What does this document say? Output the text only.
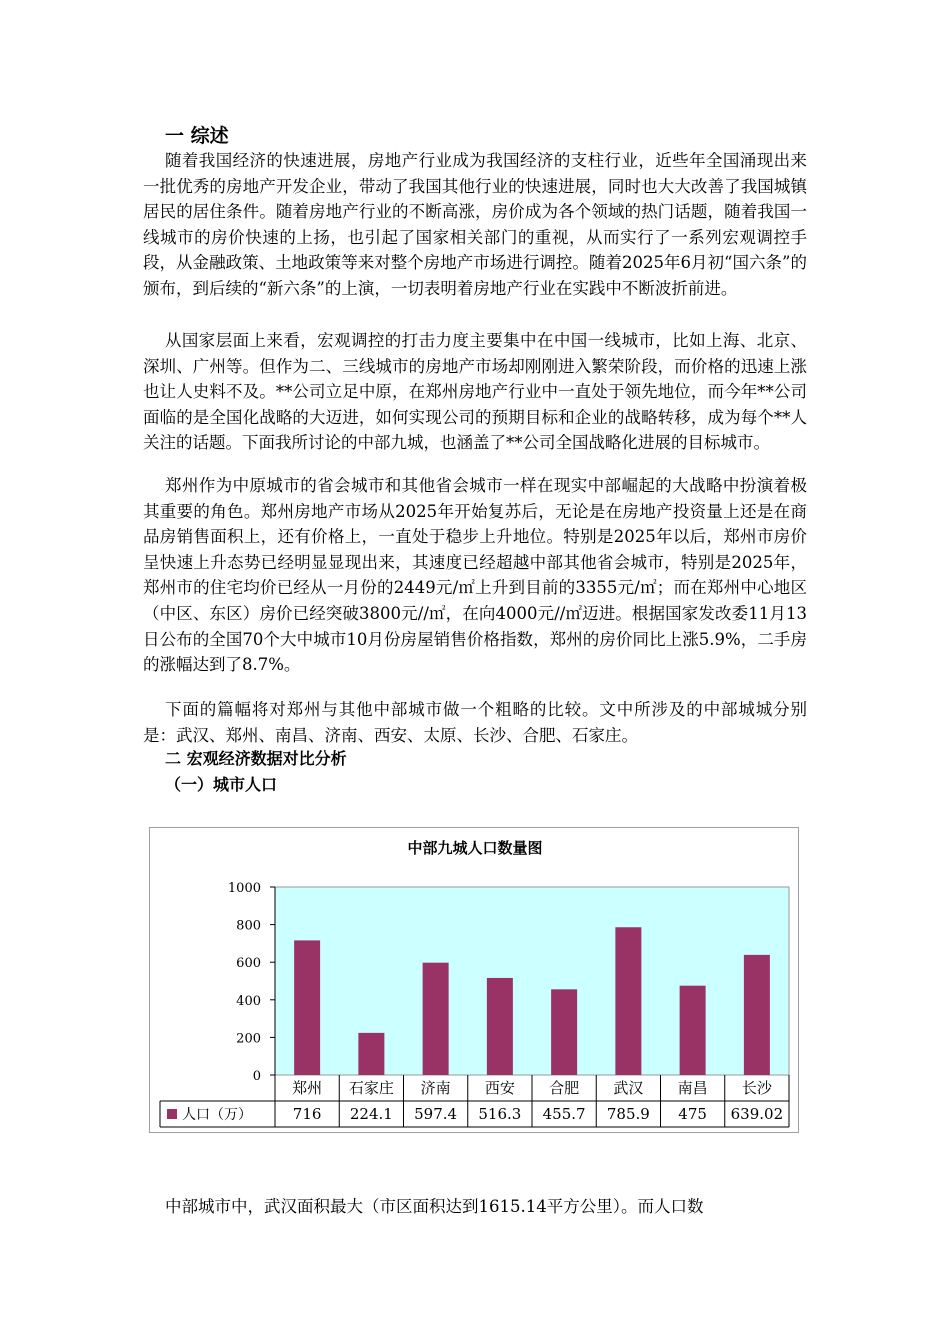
一 综述

随着我国经济的快速进展，房地产行业成为我国经济的支柱行业，近些年全国涌现出来一批优秀的房地产开发企业，带动了我国其他行业的快速进展，同时也大大改善了我国城镇居民的居住条件。随着房地产行业的不断高涨，房价成为各个领域的热门话题，随着我国一线城市的房价快速的上扬，也引起了国家相关部门的重视，从而实行了一系列宏观调控手段，从金融政策、土地政策等来对整个房地产市场进行调控。随着2025年6月初“国六条”的颁布，到后续的“新六条”的上演，一切表明着房地产行业在实践中不断波折前进。

从国家层面上来看，宏观调控的打击力度主要集中在中国一线城市，比如上海、北京、深圳、广州等。但作为二、三线城市的房地产市场却刚刚进入繁荣阶段，而价格的迅速上涨也让人史料不及。**公司立足中原，在郑州房地产行业中一直处于领先地位，而今年**公司面临的是全国化战略的大迈进，如何实现公司的预期目标和企业的战略转移，成为每个**人关注的话题。下面我所讨论的中部九城，也涵盖了**公司全国战略化进展的目标城市。

郑州作为中原城市的省会城市和其他省会城市一样在现实中部崛起的大战略中扮演着极其重要的角色。郑州房地产市场从2025年开始复苏后，无论是在房地产投资量上还是在商品房销售面积上，还有价格上，一直处于稳步上升地位。特别是2025年以后，郑州市房价呈快速上升态势已经明显显现出来，其速度已经超越中部其他省会城市，特别是2025年，郑州市的住宅均价已经从一月份的2449元/㎡上升到目前的3355元/㎡；而在郑州中心地区（中区、东区）房价已经突破3800元//㎡，在向4000元//㎡迈进。根据国家发改委11月13日公布的全国70个大中城市10月份房屋销售价格指数，郑州的房价同比上涨5.9%，二手房的涨幅达到了8.7%。

下面的篇幅将对郑州与其他中部城市做一个粗略的比较。文中所涉及的中部城城分别是：武汉、郑州、南昌、济南、西安、太原、长沙、合肥、石家庄。

二 宏观经济数据对比分析
（一）城市人口
中部九城人口数量图
0
200
400
600
800
1000
郑州 石家庄 济南 西安 合肥 武汉 南昌 长沙
716 224.1 597.4 516.3 455.7 785.9 475 639.02
人口（万）

中部城市中，武汉面积最大（市区面积达到1615.14平方公里）。而人口数
